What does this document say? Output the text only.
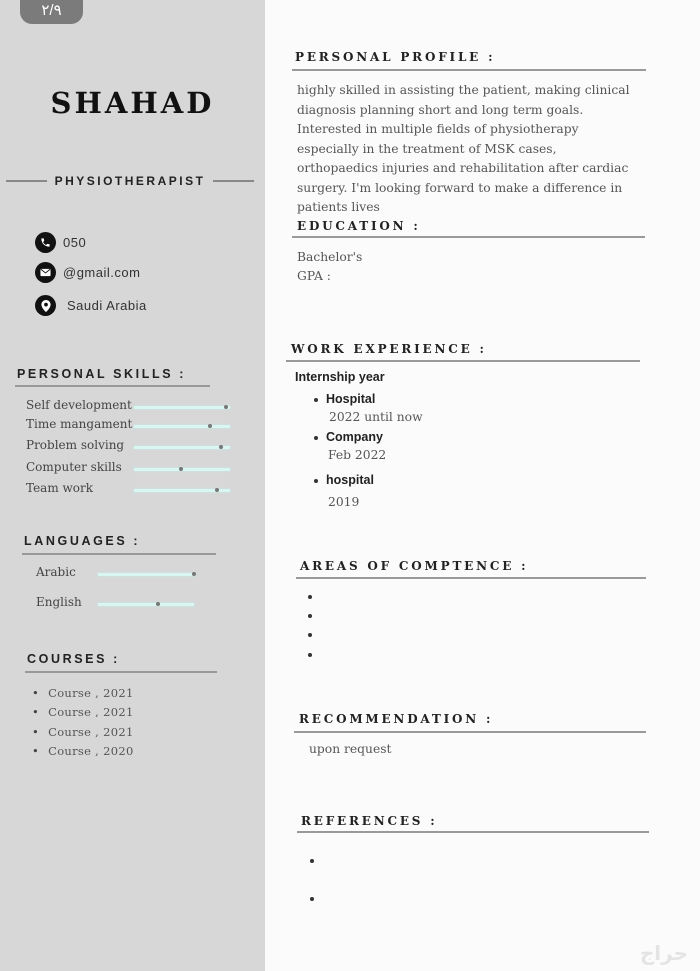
٢/٩
SHAHAD
PHYSIOTHERAPIST
050
@gmail.com
Saudi Arabia
PERSONAL SKILLS :
Self development
Time mangament
Problem solving
Computer skills
Team work
LANGUAGES :
Arabic
English
COURSES :
• Course , 2021
• Course , 2021
• Course , 2021
• Course , 2020
PERSONAL PROFILE :
highly skilled in assisting the patient, making clinical diagnosis planning short and long term goals. Interested in multiple fields of physiotherapy especially in the treatment of MSK cases, orthopaedics injuries and rehabilitation after cardiac surgery. I'm looking forward to make a difference in patients lives
EDUCATION :
Bachelor's
GPA :
WORK EXPERIENCE :
Internship year
Hospital
2022 until now
Company
Feb 2022
hospital
2019
AREAS OF COMPTENCE :
RECOMMENDATION :
upon request
REFERENCES :
حراج
